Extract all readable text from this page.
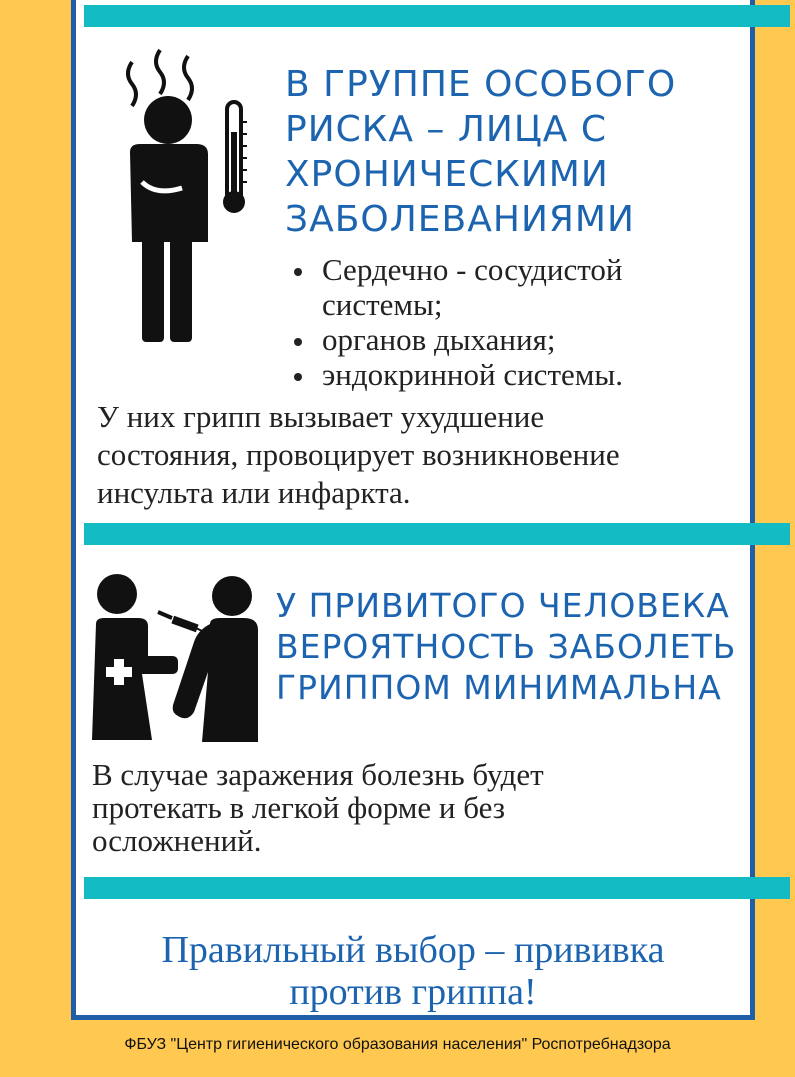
В ГРУППЕ ОСОБОГО
РИСКА – ЛИЦА С
ХРОНИЧЕСКИМИ
ЗАБОЛЕВАНИЯМИ
Сердечно - сосудистой системы;
органов дыхания;
эндокринной системы.
У них грипп вызывает ухудшение
состояния, провоцирует возникновение
инсульта или инфаркта.
У ПРИВИТОГО ЧЕЛОВЕКА
ВЕРОЯТНОСТЬ ЗАБОЛЕТЬ
ГРИППОМ МИНИМАЛЬНА
В случае заражения болезнь будет
протекать в легкой форме и без
осложнений.
Правильный выбор – прививка
против гриппа!
ФБУЗ "Центр гигиенического образования населения" Роспотребнадзора
